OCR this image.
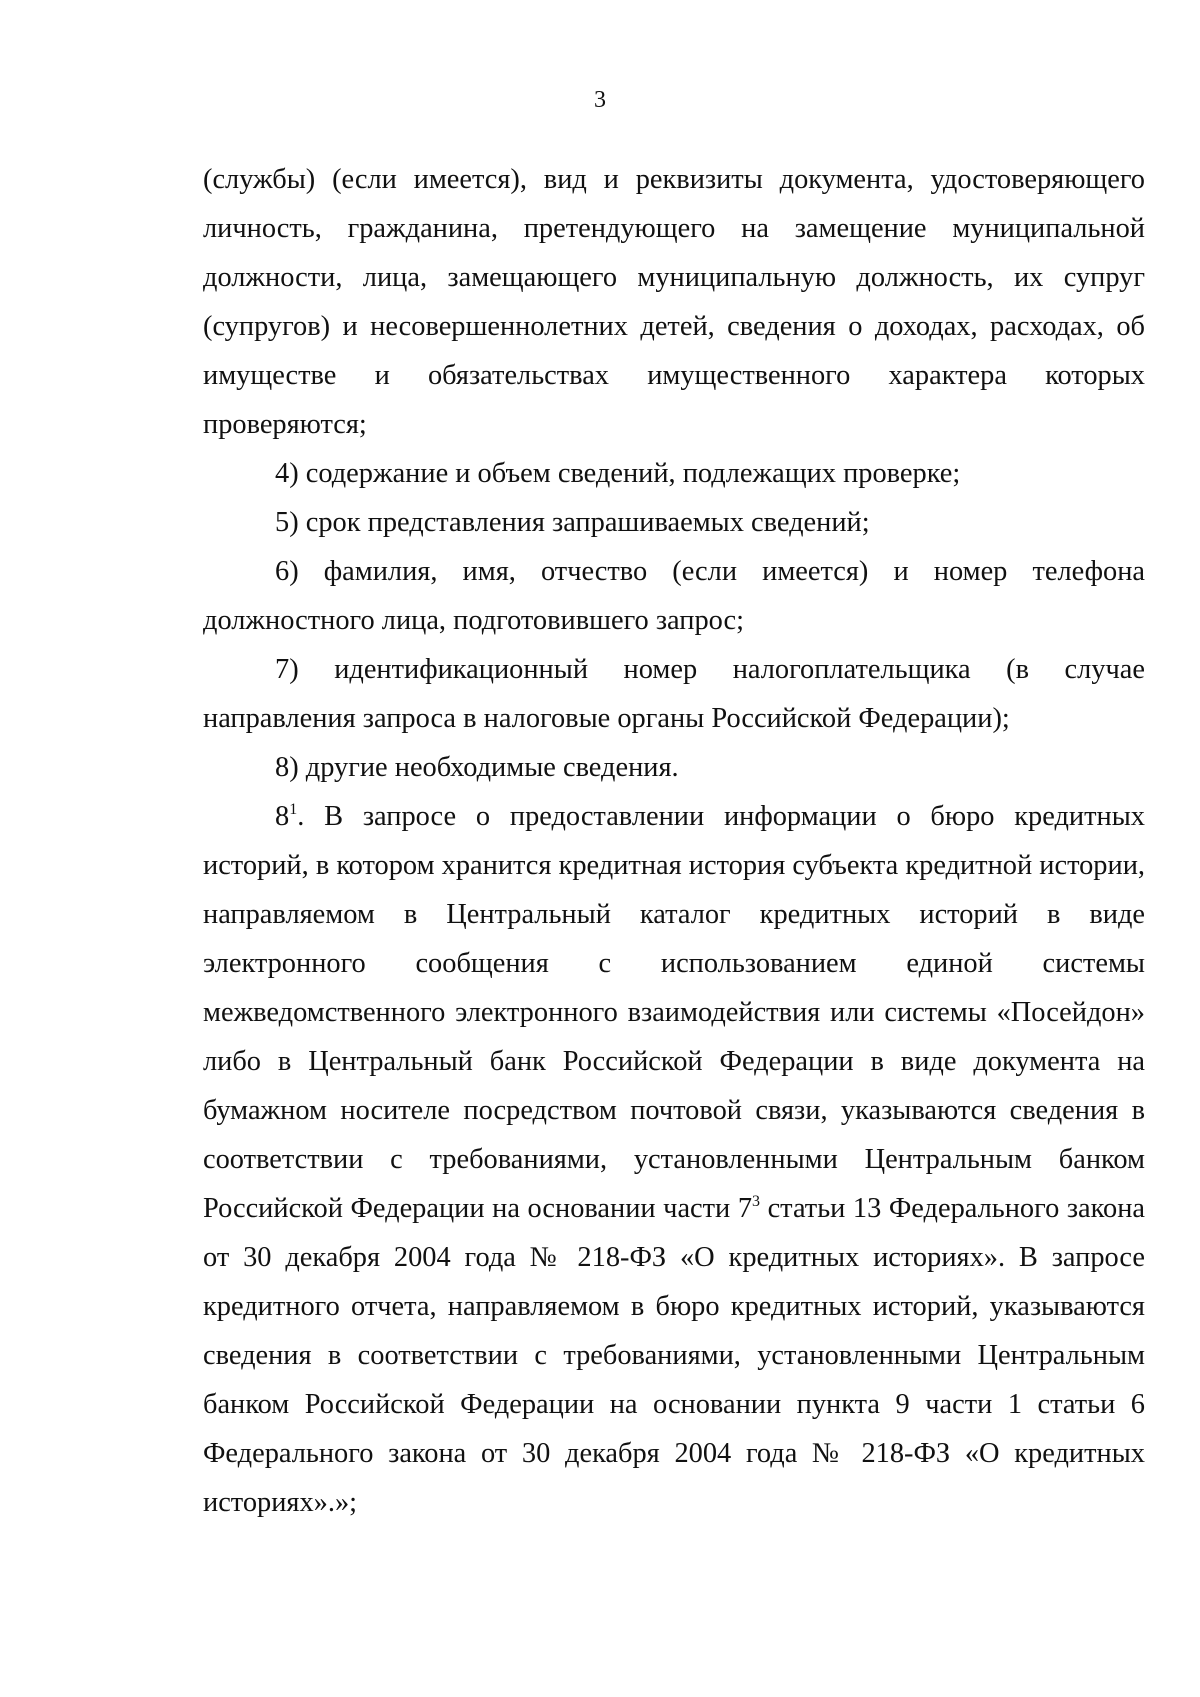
3

(службы) (если имеется), вид и реквизиты документа, удостоверяющего личность, гражданина, претендующего на замещение муниципальной должности, лица, замещающего муниципальную должность, их супруг (супругов) и несовершеннолетних детей, сведения о доходах, расходах, об имуществе и обязательствах имущественного характера которых проверяются;

4) содержание и объем сведений, подлежащих проверке;

5) срок представления запрашиваемых сведений;

6) фамилия, имя, отчество (если имеется) и номер телефона должностного лица, подготовившего запрос;

7) идентификационный номер налогоплательщика (в случае направления запроса в налоговые органы Российской Федерации);

8) другие необходимые сведения.

$8^1$. В запросе о предоставлении информации о бюро кредитных историй, в котором хранится кредитная история субъекта кредитной истории, направляемом в Центральный каталог кредитных историй в виде электронного сообщения с использованием единой системы межведомственного электронного взаимодействия или системы «Посейдон» либо в Центральный банк Российской Федерации в виде документа на бумажном носителе посредством почтовой связи, указываются сведения в соответствии с требованиями, установленными Центральным банком Российской Федерации на основании части $7^3$ статьи 13 Федерального закона от 30 декабря 2004 года № 218-ФЗ «О кредитных историях». В запросе кредитного отчета, направляемом в бюро кредитных историй, указываются сведения в соответствии с требованиями, установленными Центральным банком Российской Федерации на основании пункта 9 части 1 статьи 6 Федерального закона от 30 декабря 2004 года № 218-ФЗ «О кредитных историях».»;
